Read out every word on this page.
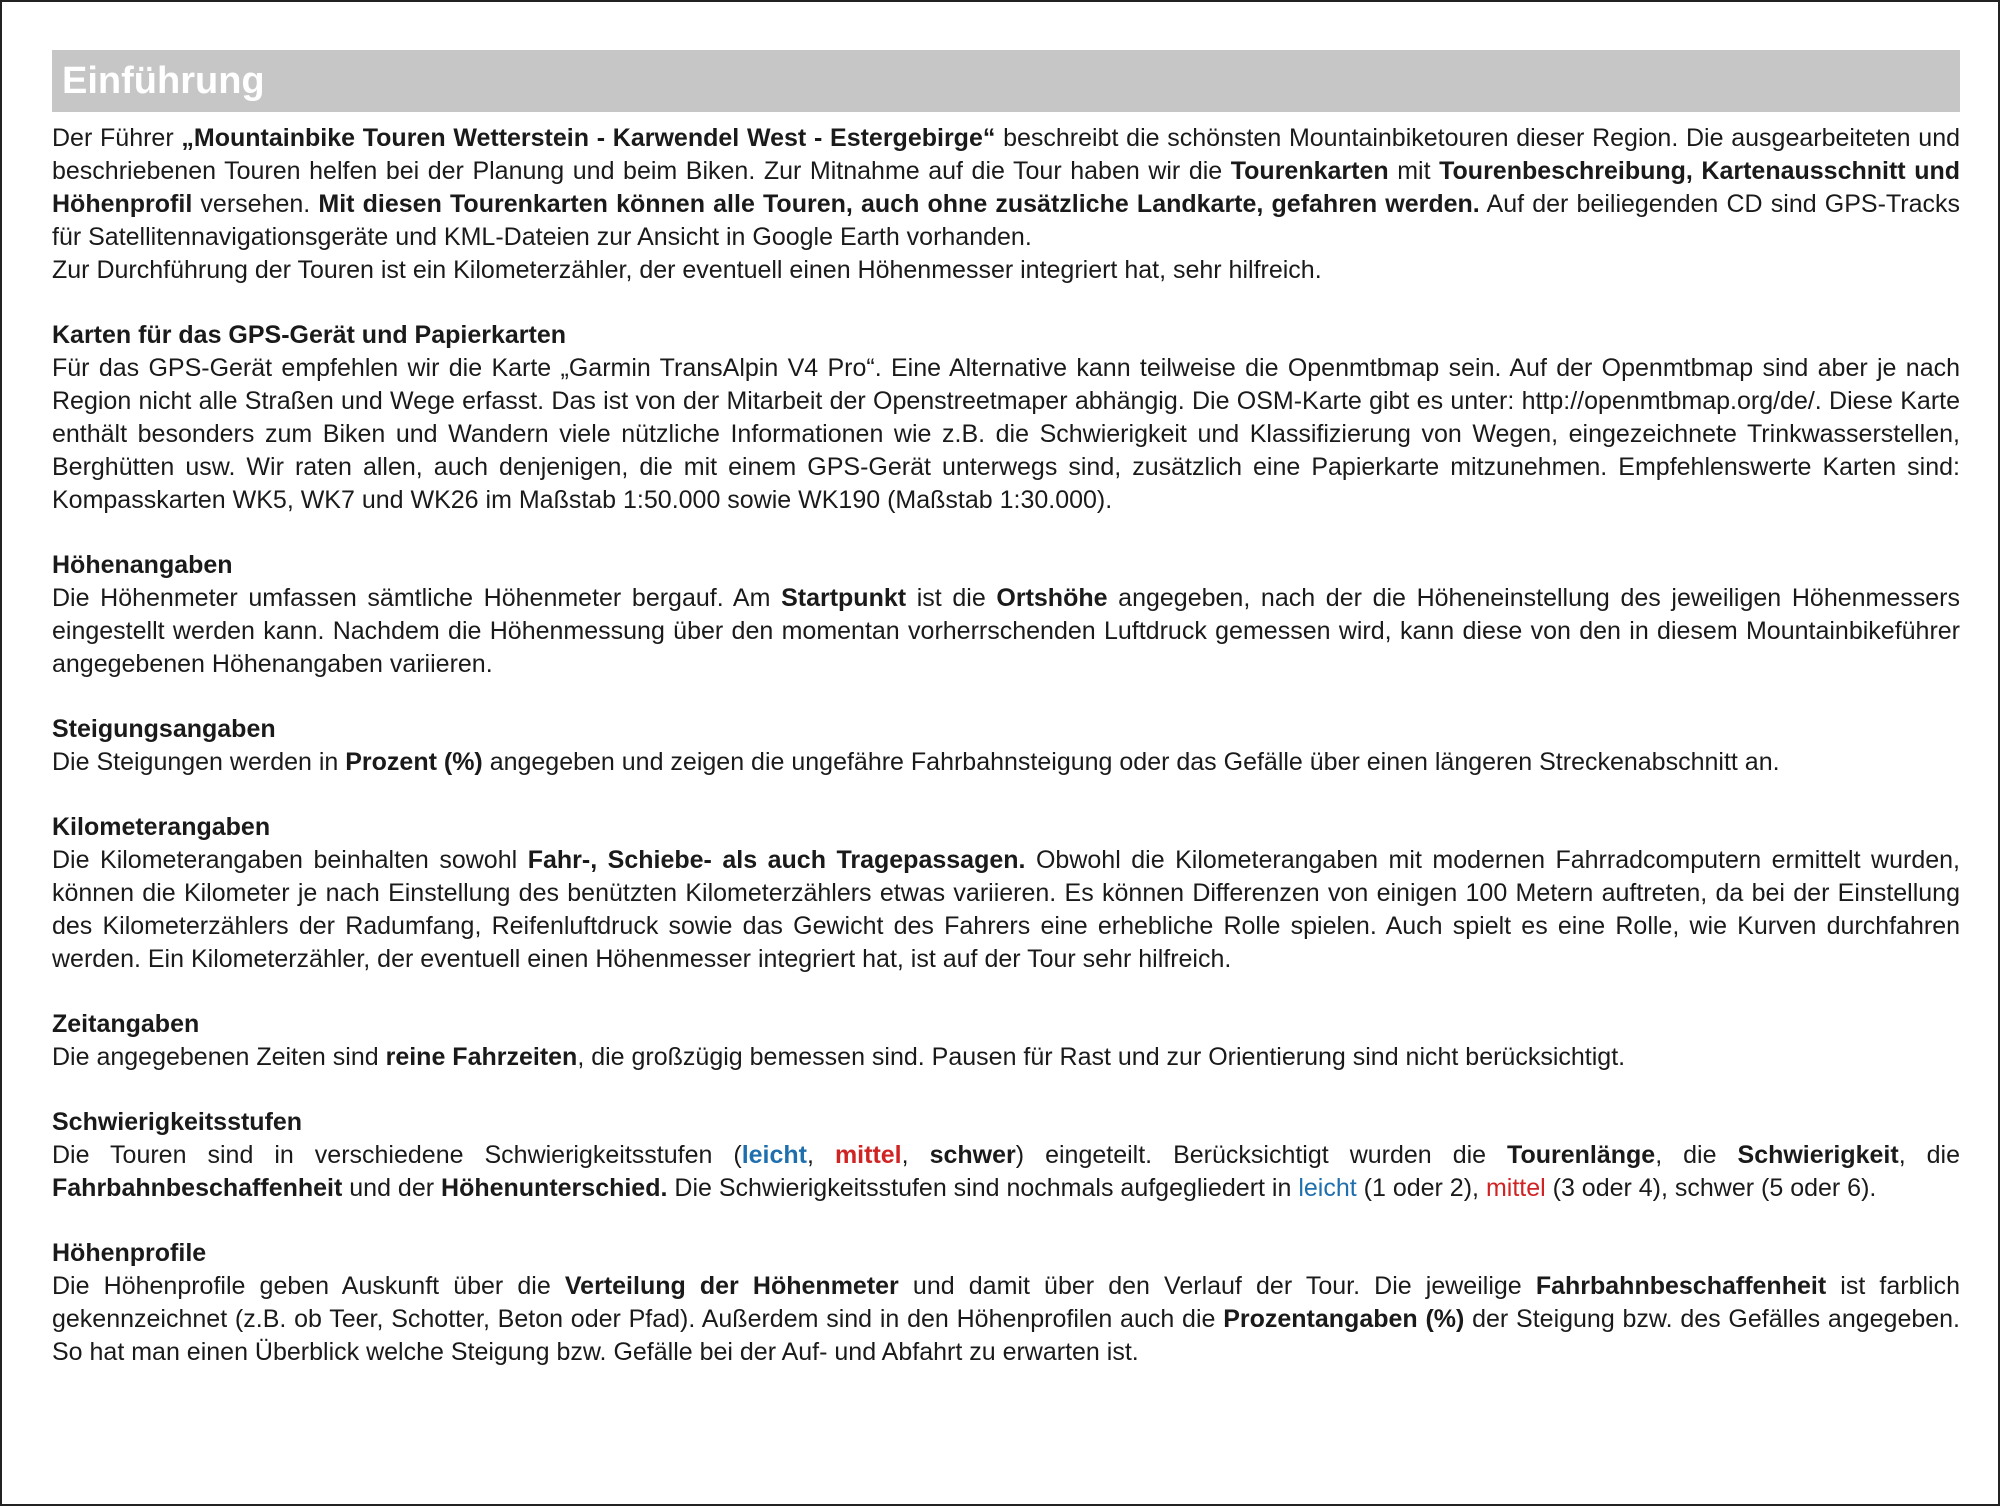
Einführung

Der Führer „Mountainbike Touren Wetterstein - Karwendel West - Estergebirge“ beschreibt die schönsten Mountainbiketouren dieser Region. Die ausgearbeiteten und beschriebenen Touren helfen bei der Planung und beim Biken. Zur Mitnahme auf die Tour haben wir die Tourenkarten mit Tourenbeschreibung, Kartenausschnitt und Höhenprofil versehen. Mit diesen Tourenkarten können alle Touren, auch ohne zusätzliche Landkarte, gefahren werden. Auf der beiliegenden CD sind GPS-Tracks für Satellitennavigationsgeräte und KML-Dateien zur Ansicht in Google Earth vorhanden.

Zur Durchführung der Touren ist ein Kilometerzähler, der eventuell einen Höhenmesser integriert hat, sehr hilfreich.

Karten für das GPS-Gerät und Papierkarten

Für das GPS-Gerät empfehlen wir die Karte „Garmin TransAlpin V4 Pro“. Eine Alternative kann teilweise die Openmtbmap sein. Auf der Openmtbmap sind aber je nach Region nicht alle Straßen und Wege erfasst. Das ist von der Mitarbeit der Openstreetmaper abhängig. Die OSM-Karte gibt es unter: http://openmtbmap.org/de/. Diese Karte enthält besonders zum Biken und Wandern viele nützliche Informationen wie z.B. die Schwierigkeit und Klassifizierung von Wegen, eingezeichnete Trinkwasserstellen, Berghütten usw. Wir raten allen, auch denjenigen, die mit einem GPS-Gerät unterwegs sind, zusätzlich eine Papierkarte mitzunehmen. Empfehlenswerte Karten sind: Kompasskarten WK5, WK7 und WK26 im Maßstab 1:50.000 sowie WK190 (Maßstab 1:30.000).

Höhenangaben

Die Höhenmeter umfassen sämtliche Höhenmeter bergauf. Am Startpunkt ist die Ortshöhe angegeben, nach der die Höheneinstellung des jeweiligen Höhenmessers eingestellt werden kann. Nachdem die Höhenmessung über den momentan vorherrschenden Luftdruck gemessen wird, kann diese von den in diesem Mountainbikeführer angegebenen Höhenangaben variieren.

Steigungsangaben

Die Steigungen werden in Prozent (%) angegeben und zeigen die ungefähre Fahrbahnsteigung oder das Gefälle über einen längeren Streckenabschnitt an.

Kilometerangaben

Die Kilometerangaben beinhalten sowohl Fahr-, Schiebe- als auch Tragepassagen. Obwohl die Kilometerangaben mit modernen Fahrradcomputern ermittelt wurden, können die Kilometer je nach Einstellung des benützten Kilometerzählers etwas variieren. Es können Differenzen von einigen 100 Metern auftreten, da bei der Einstellung des Kilometerzählers der Radumfang, Reifenluftdruck sowie das Gewicht des Fahrers eine erhebliche Rolle spielen. Auch spielt es eine Rolle, wie Kurven durchfahren werden. Ein Kilometerzähler, der eventuell einen Höhenmesser integriert hat, ist auf der Tour sehr hilfreich.

Zeitangaben

Die angegebenen Zeiten sind reine Fahrzeiten, die großzügig bemessen sind. Pausen für Rast und zur Orientierung sind nicht berücksichtigt.

Schwierigkeitsstufen

Die Touren sind in verschiedene Schwierigkeitsstufen (leicht, mittel, schwer) eingeteilt. Berücksichtigt wurden die Tourenlänge, die Schwierigkeit, die Fahrbahnbeschaffenheit und der Höhenunterschied. Die Schwierigkeitsstufen sind nochmals aufgegliedert in leicht (1 oder 2), mittel (3 oder 4), schwer (5 oder 6).

Höhenprofile

Die Höhenprofile geben Auskunft über die Verteilung der Höhenmeter und damit über den Verlauf der Tour. Die jeweilige Fahrbahnbeschaffenheit ist farblich gekennzeichnet (z.B. ob Teer, Schotter, Beton oder Pfad). Außerdem sind in den Höhenprofilen auch die Prozentangaben (%) der Steigung bzw. des Gefälles angegeben. So hat man einen Überblick welche Steigung bzw. Gefälle bei der Auf- und Abfahrt zu erwarten ist.
